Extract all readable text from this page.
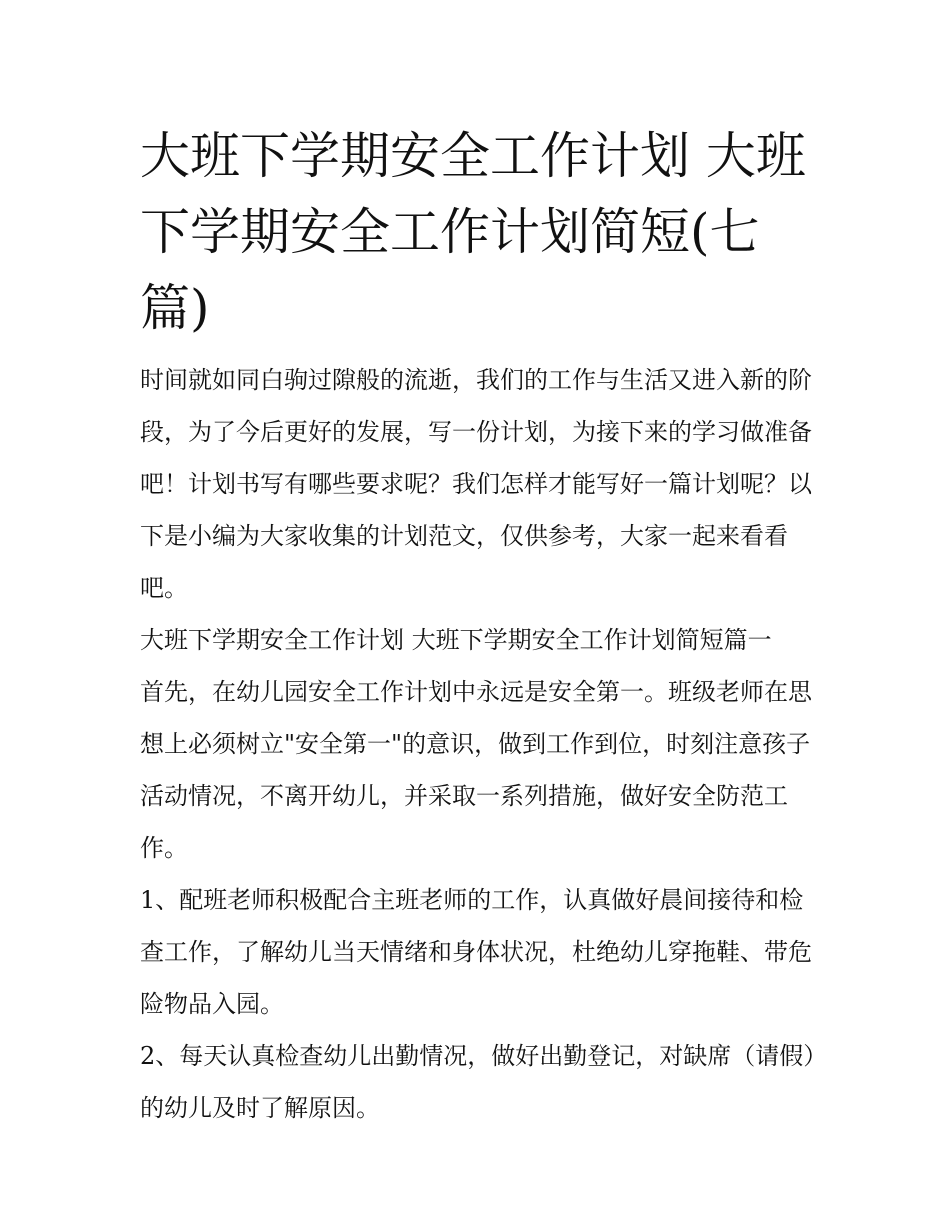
大班下学期安全工作计划 大班下学期安全工作计划简短(七篇)

时间就如同白驹过隙般的流逝，我们的工作与生活又进入新的阶段，为了今后更好的发展，写一份计划，为接下来的学习做准备吧！计划书写有哪些要求呢？我们怎样才能写好一篇计划呢？以下是小编为大家收集的计划范文，仅供参考，大家一起来看看吧。

大班下学期安全工作计划 大班下学期安全工作计划简短篇一

首先，在幼儿园安全工作计划中永远是安全第一。班级老师在思想上必须树立"安全第一"的意识，做到工作到位，时刻注意孩子活动情况，不离开幼儿，并采取一系列措施，做好安全防范工作。

1、配班老师积极配合主班老师的工作，认真做好晨间接待和检查工作，了解幼儿当天情绪和身体状况，杜绝幼儿穿拖鞋、带危险物品入园。

2、每天认真检查幼儿出勤情况，做好出勤登记，对缺席（请假）的幼儿及时了解原因。
